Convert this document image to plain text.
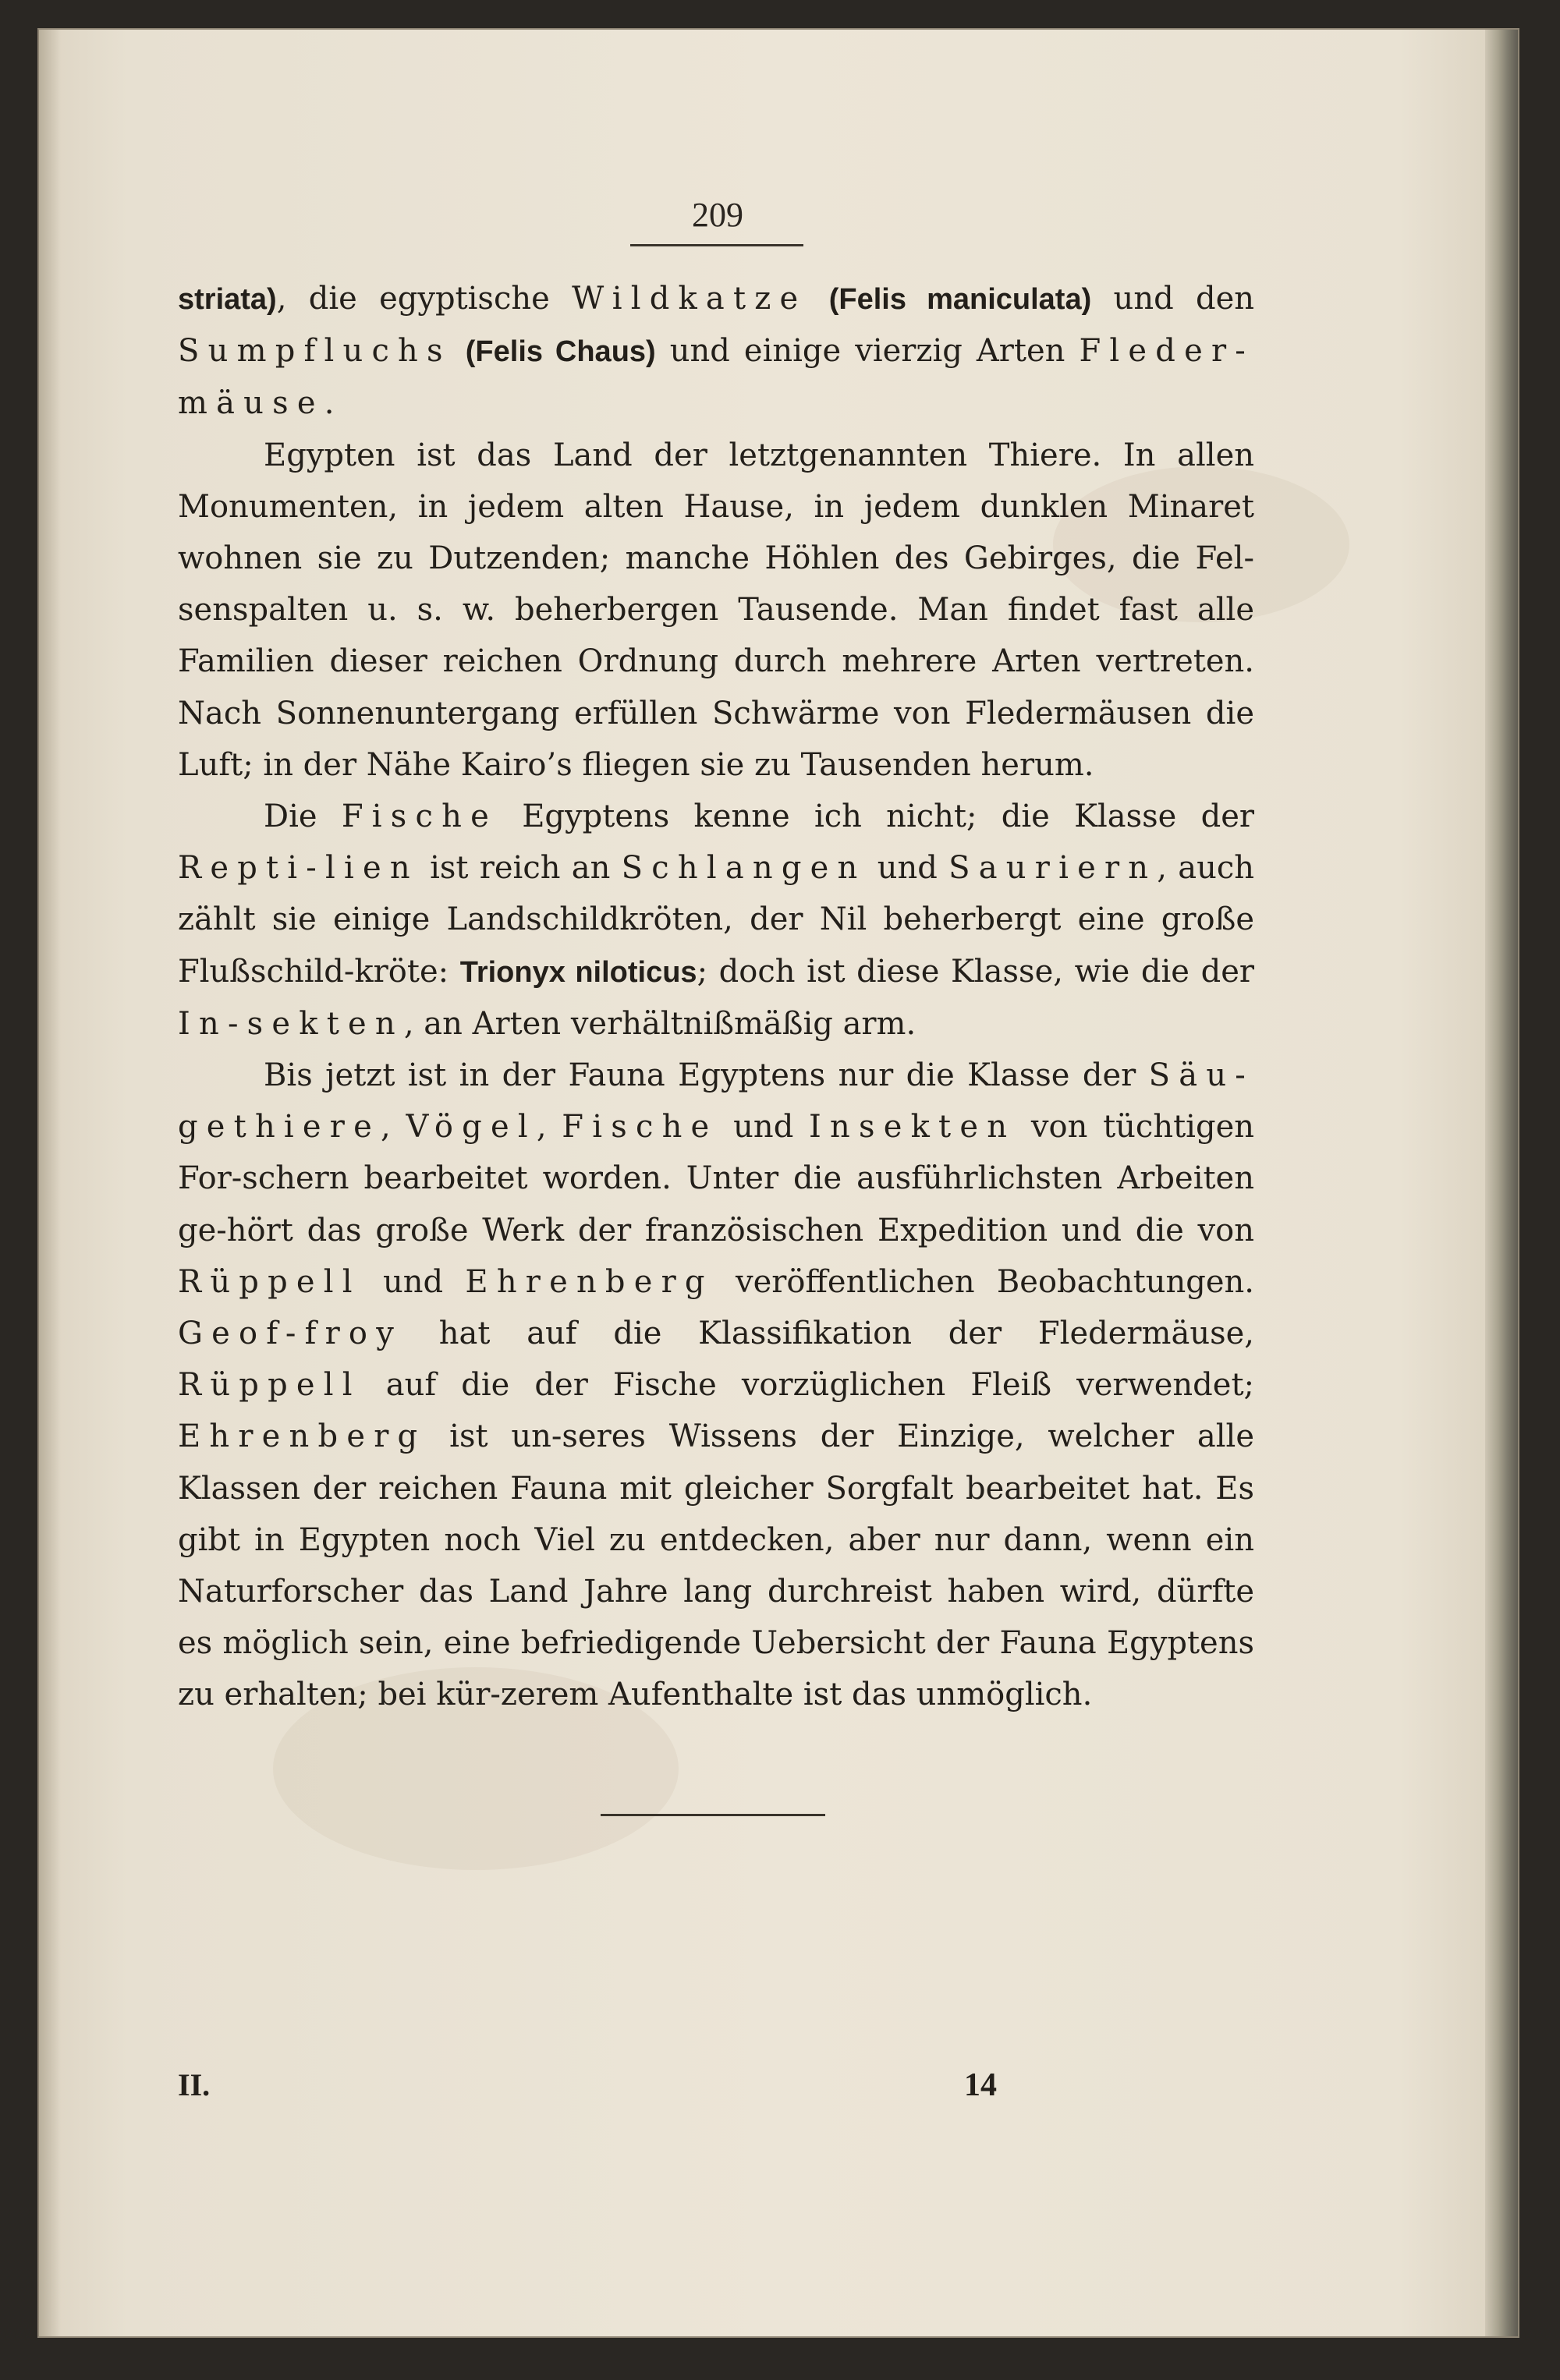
209

striata), die egyptische Wildkatze (Felis maniculata) und den Sumpfluchs (Felis Chaus) und einige vierzig Arten Fleder-mäuse.

Egypten ist das Land der letztgenannten Thiere. In allen Monumenten, in jedem alten Hause, in jedem dunklen Minaret wohnen sie zu Dutzenden; manche Höhlen des Gebirges, die Fel-senspalten u. s. w. beherbergen Tausende. Man findet fast alle Familien dieser reichen Ordnung durch mehrere Arten vertreten. Nach Sonnenuntergang erfüllen Schwärme von Fledermäusen die Luft; in der Nähe Kairo’s fliegen sie zu Tausenden herum.

Die Fische Egyptens kenne ich nicht; die Klasse der Repti-lien ist reich an Schlangen und Sauriern, auch zählt sie einige Landschildkröten, der Nil beherbergt eine große Flußschild-kröte: Trionyx niloticus; doch ist diese Klasse, wie die der In-sekten, an Arten verhältnißmäßig arm.

Bis jetzt ist in der Fauna Egyptens nur die Klasse der Säu-gethiere, Vögel, Fische und Insekten von tüchtigen For-schern bearbeitet worden. Unter die ausführlichsten Arbeiten ge-hört das große Werk der französischen Expedition und die von Rüppell und Ehrenberg veröffentlichen Beobachtungen. Geof-froy hat auf die Klassifikation der Fledermäuse, Rüppell auf die der Fische vorzüglichen Fleiß verwendet; Ehrenberg ist un-seres Wissens der Einzige, welcher alle Klassen der reichen Fauna mit gleicher Sorgfalt bearbeitet hat. Es gibt in Egypten noch Viel zu entdecken, aber nur dann, wenn ein Naturforscher das Land Jahre lang durchreist haben wird, dürfte es möglich sein, eine befriedigende Uebersicht der Fauna Egyptens zu erhalten; bei kür-zerem Aufenthalte ist das unmöglich.

II.	14
